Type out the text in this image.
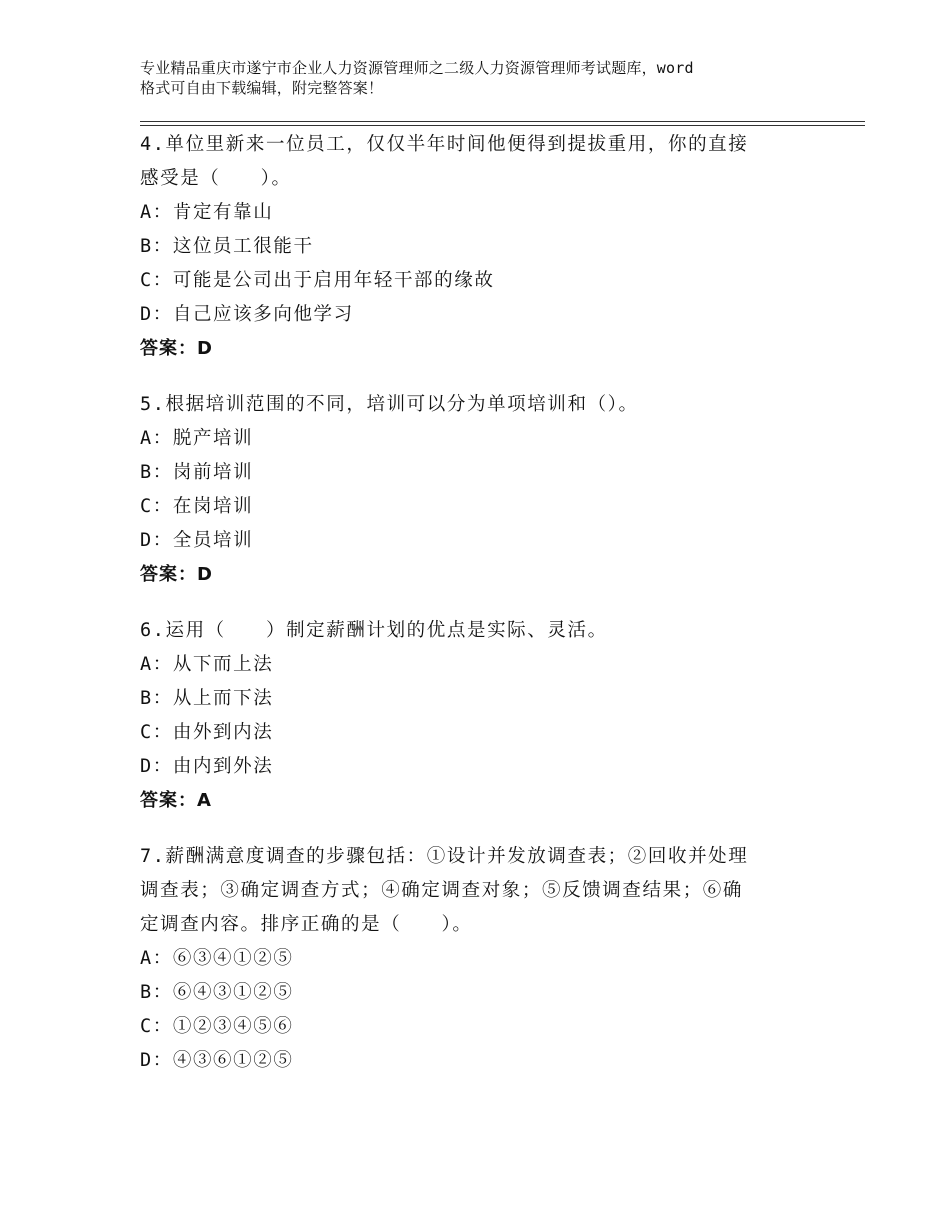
专业精品重庆市遂宁市企业人力资源管理师之二级人力资源管理师考试题库，word
格式可自由下载编辑，附完整答案！
4.单位里新来一位员工，仅仅半年时间他便得到提拔重用，你的直接
感受是（　　）。
A：肯定有靠山
B：这位员工很能干
C：可能是公司出于启用年轻干部的缘故
D：自己应该多向他学习
答案：D
5.根据培训范围的不同，培训可以分为单项培训和（）。
A：脱产培训
B：岗前培训
C：在岗培训
D：全员培训
答案：D
6.运用（　　）制定薪酬计划的优点是实际、灵活。
A：从下而上法
B：从上而下法
C：由外到内法
D：由内到外法
答案：A
7.薪酬满意度调查的步骤包括：①设计并发放调查表；②回收并处理
调查表；③确定调查方式；④确定调查对象；⑤反馈调查结果；⑥确
定调查内容。排序正确的是（　　）。
A：⑥③④①②⑤
B：⑥④③①②⑤
C：①②③④⑤⑥
D：④③⑥①②⑤
